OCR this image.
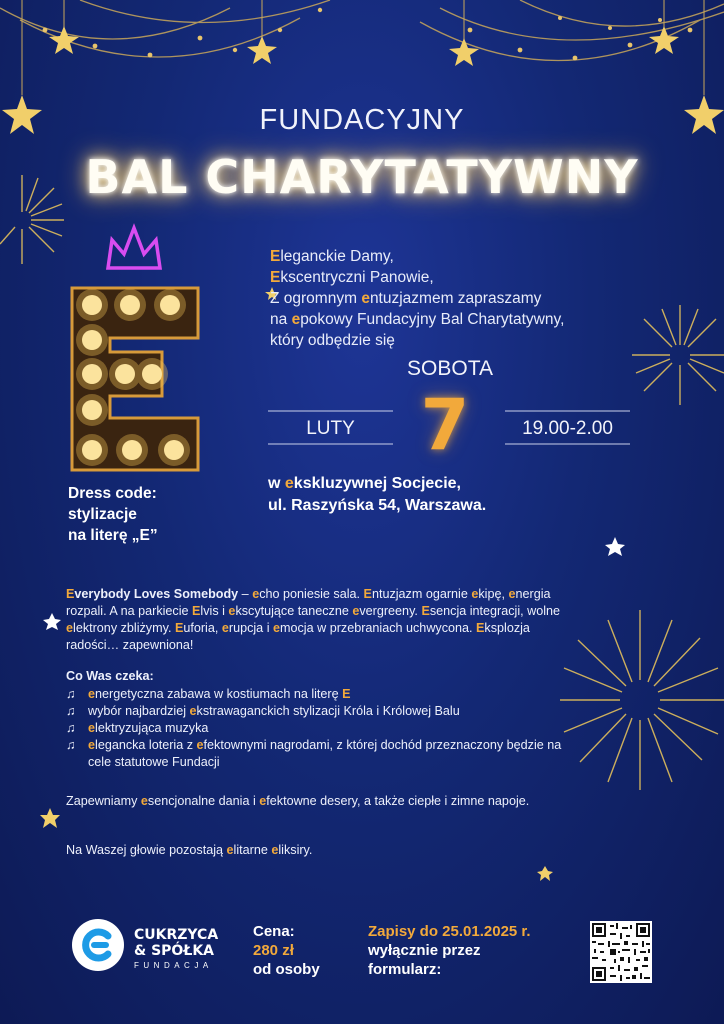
FUNDACYJNY
BAL CHARYTATYWNY
Eleganckie Damy,
Ekscentryczni Panowie,
Z ogromnym entuzjazmem zapraszamy
na epokowy Fundacyjny Bal Charytatywny,
który odbędzie się
SOBOTA
LUTY 7	19.00-2.00
w ekskluzywnej Socjecie,
ul. Raszyńska 54, Warszawa.
Dress code:
stylizacje
na literę „E”
Everybody Loves Somebody – echo poniesie sala. Entuzjazm ogarnie ekipę, energia rozpali. A na parkiecie Elvis i ekscytujące taneczne evergreeny. Esencja integracji, wolne elektrony zbliżymy. Euforia, erupcja i emocja w przebraniach uchwycona. Eksplozja radości… zapewniona!
Co Was czeka:
♫ energetyczna zabawa w kostiumach na literę E
♫ wybór najbardziej ekstrawaganckich stylizacji Króla i Królowej Balu
♫ elektryzująca muzyka
♫ elegancka loteria z efektownymi nagrodami, z której dochód przeznaczony będzie na cele statutowe Fundacji
Zapewniamy esencjonalne dania i efektowne desery, a także ciepłe i zimne napoje.
Na Waszej głowie pozostają elitarne eliksiry.
CUKRZYCA
& SPÓŁKA
FUNDACJA
Cena:
280 zł
od osoby
Zapisy do 25.01.2025 r.
wyłącznie przez
formularz:
